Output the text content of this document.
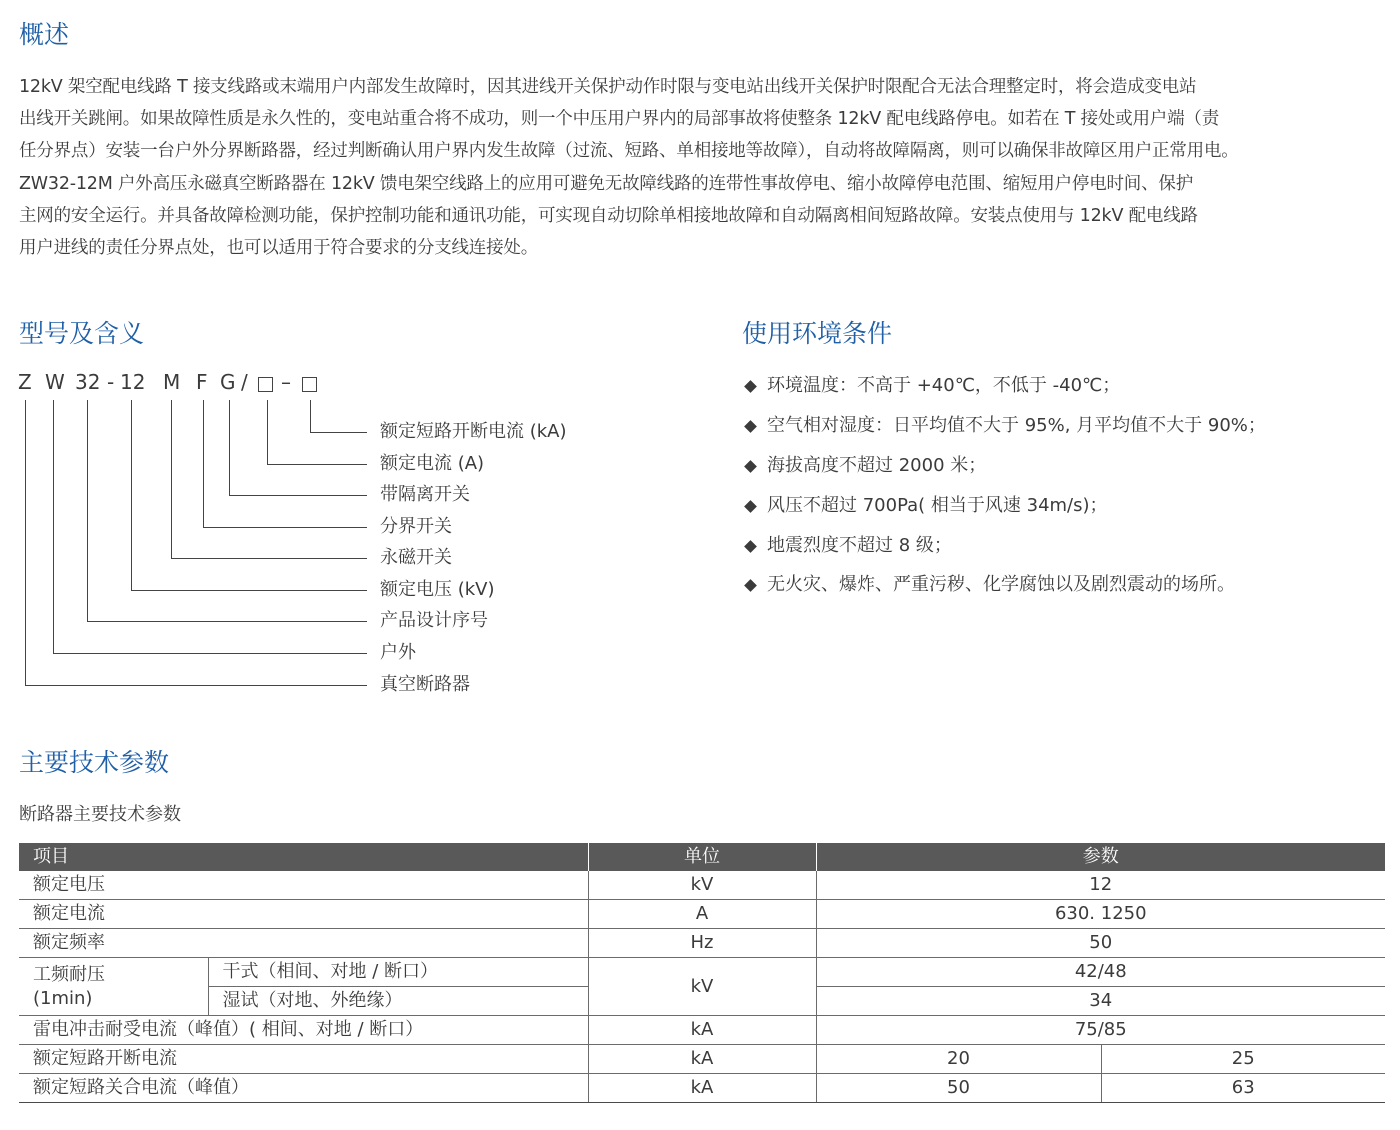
概述
12kV 架空配电线路 T 接支线路或末端用户内部发生故障时，因其进线开关保护动作时限与变电站出线开关保护时限配合无法合理整定时，将会造成变电站
出线开关跳闸。如果故障性质是永久性的，变电站重合将不成功，则一个中压用户界内的局部事故将使整条 12kV 配电线路停电。如若在 T 接处或用户端（责
任分界点）安装一台户外分界断路器，经过判断确认用户界内发生故障（过流、短路、单相接地等故障），自动将故障隔离，则可以确保非故障区用户正常用电。
ZW32-12M 户外高压永磁真空断路器在 12kV 馈电架空线路上的应用可避免无故障线路的连带性事故停电、缩小故障停电范围、缩短用户停电时间、保护
主网的安全运行。并具备故障检测功能，保护控制功能和通讯功能，可实现自动切除单相接地故障和自动隔离相间短路故障。安装点使用与 12kV 配电线路
用户进线的责任分界点处，也可以适用于符合要求的分支线连接处。
型号及含义
Z W 32 - 12 M F G / –
额定短路开断电流 (kA)
额定电流 (A)
带隔离开关
分界开关
永磁开关
额定电压 (kV)
产品设计序号
户外
真空断路器
使用环境条件
环境温度：不高于 +40℃，不低于 -40℃；
空气相对湿度：日平均值不大于 95%, 月平均值不大于 90%；
海拔高度不超过 2000 米；
风压不超过 700Pa( 相当于风速 34m/s)；
地震烈度不超过 8 级；
无火灾、爆炸、严重污秽、化学腐蚀以及剧烈震动的场所。
主要技术参数
断路器主要技术参数
项目		单位	参数	
额定电压		kV	12	
额定电流		A	630. 1250	
额定频率		Hz	50	

工频耐压
(1min)	干式（相间、对地 / 断口）	kV	42/48	
	湿试（对地、外绝缘）		34	
雷电冲击耐受电流（峰值）( 相间、对地 / 断口）		kA	75/85	
额定短路开断电流		kA	20	25
额定短路关合电流（峰值）		kA	50	63
